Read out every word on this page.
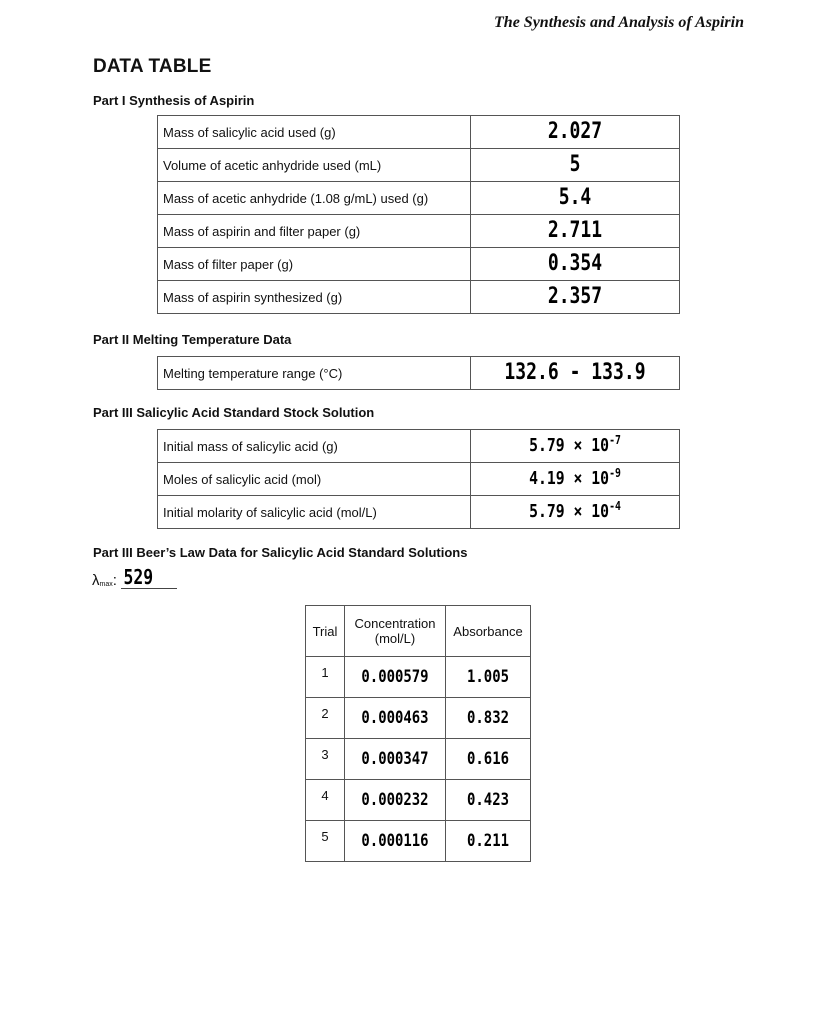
The Synthesis and Analysis of Aspirin
DATA TABLE
Part I Synthesis of Aspirin
Mass of salicylic acid used (g)	2.027

Volume of acetic anhydride used (mL)	5

Mass of acetic anhydride (1.08 g/mL) used (g)	5.4

Mass of aspirin and filter paper (g)	2.711

Mass of filter paper (g)	0.354

Mass of aspirin synthesized (g)	2.357
Part II Melting Temperature Data
Melting temperature range (°C)	132.6 - 133.9
Part III Salicylic Acid Standard Stock Solution
Initial mass of salicylic acid (g)	$5.79 \times 10^{-7}$

Moles of salicylic acid (mol)	$4.19 \times 10^{-9}$

Initial molarity of salicylic acid (mol/L)	$5.79 \times 10^{-4}$
Part III Beer’s Law Data for Salicylic Acid Standard Solutions
λ max : 529
Trial	Concentration (mol/L)	Absorbance
1	0.000579	1.005

2	0.000463	0.832

3	0.000347	0.616

4	0.000232	0.423

5	0.000116	0.211
